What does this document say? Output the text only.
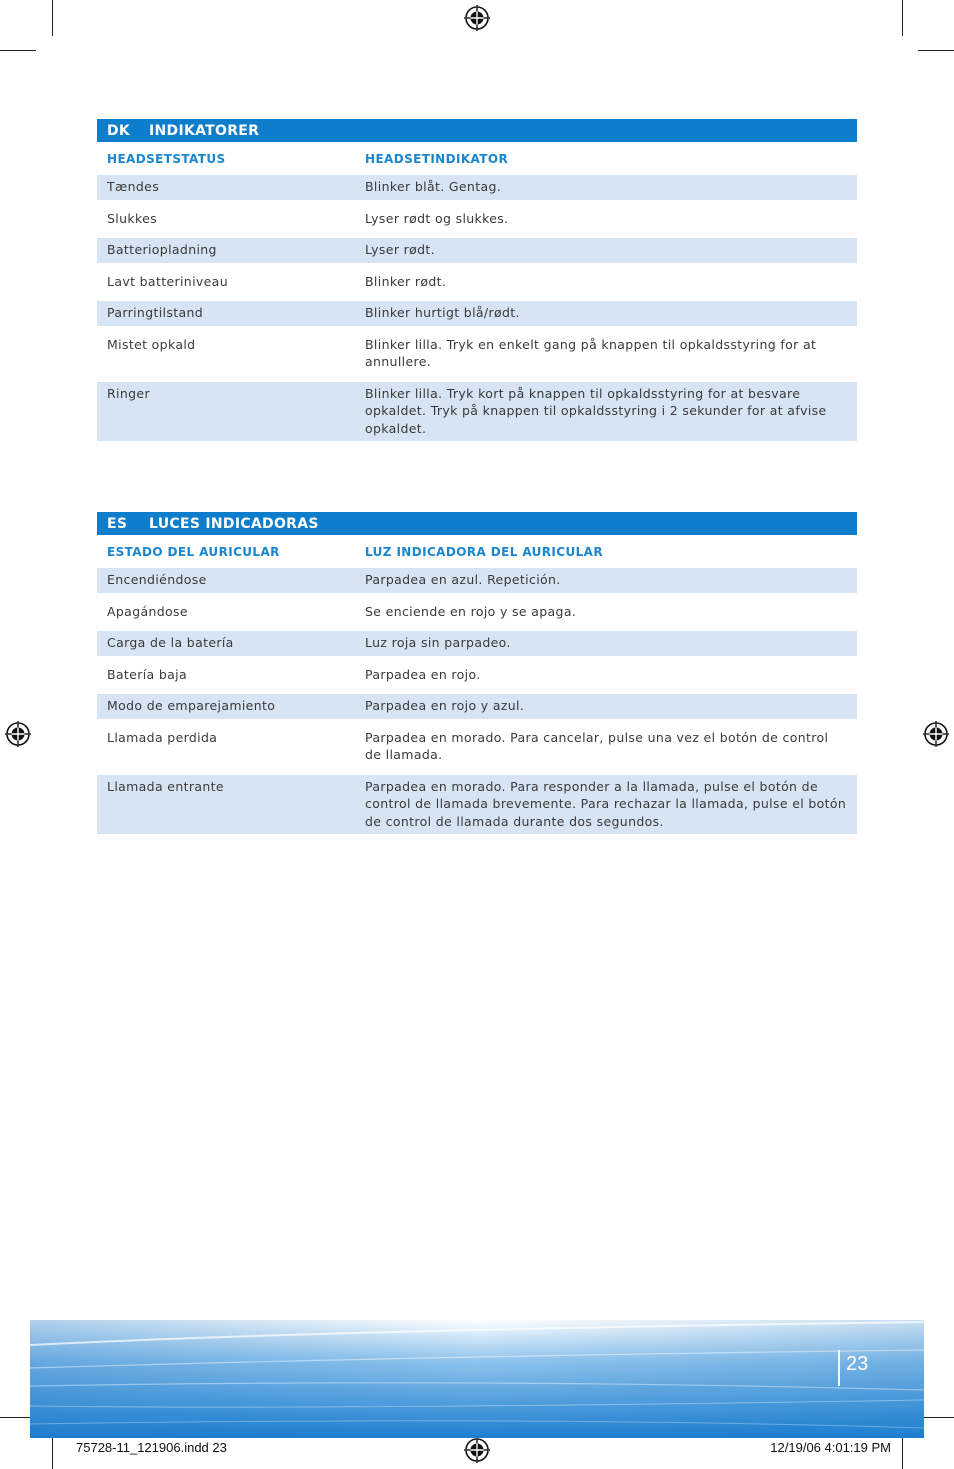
DK INDIKATORER
HEADSETSTATUS	HEADSETINDIKATOR
Tændes	Blinker blåt. Gentag.
Slukkes	Lyser rødt og slukkes.
Batteriopladning	Lyser rødt.
Lavt batteriniveau	Blinker rødt.
Parringtilstand	Blinker hurtigt blå/rødt.
Mistet opkald	Blinker lilla. Tryk en enkelt gang på knappen til opkaldsstyring for at annullere.
Ringer	Blinker lilla. Tryk kort på knappen til opkaldsstyring for at besvare opkaldet. Tryk på knappen til opkaldsstyring i 2 sekunder for at afvise opkaldet.
ES LUCES INDICADORAS
ESTADO DEL AURICULAR	LUZ INDICADORA DEL AURICULAR
Encendiéndose	Parpadea en azul. Repetición.
Apagándose	Se enciende en rojo y se apaga.
Carga de la batería	Luz roja sin parpadeo.
Batería baja	Parpadea en rojo.
Modo de emparejamiento	Parpadea en rojo y azul.
Llamada perdida	Parpadea en morado. Para cancelar, pulse una vez el botón de control de llamada.
Llamada entrante	Parpadea en morado. Para responder a la llamada, pulse el botón de control de llamada brevemente. Para rechazar la llamada, pulse el botón de control de llamada durante dos segundos.
23
75728-11_121906.indd 23	12/19/06 4:01:19 PM
